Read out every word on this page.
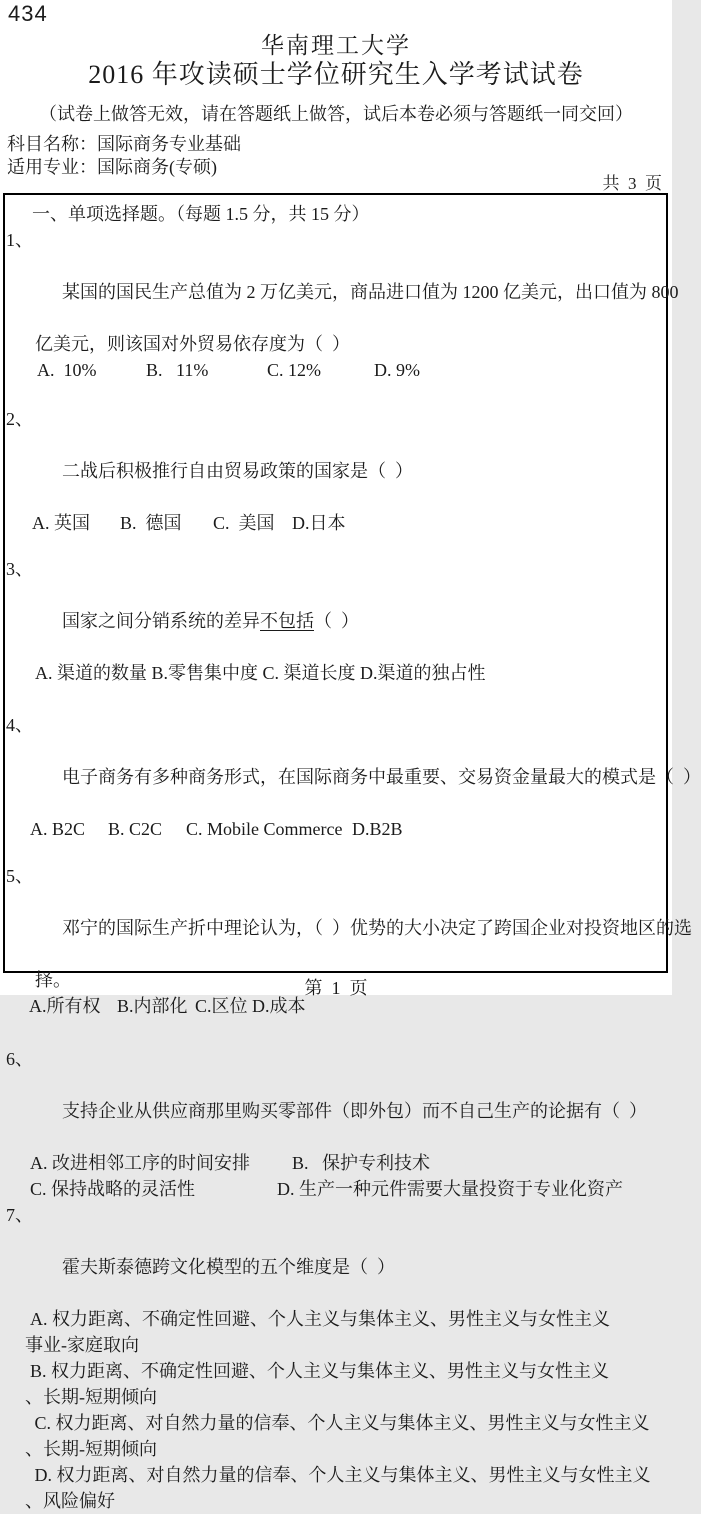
434
华南理工大学
2016 年攻读硕士学位研究生入学考试试卷
（试卷上做答无效，请在答题纸上做答，试后本卷必须与答题纸一同交回）
科目名称：国际商务专业基础
适用专业：国际商务(专硕)
共  3  页
一、单项选择题。（每题 1.5 分，共 15 分）

1、

某国的国民生产总值为 2 万亿美元，商品进口值为 1200 亿美元，出口值为 800

亿美元，则该国对外贸易依存度为（  ）
A.  10%	B.   11%	C. 12%	D. 9%

2、

二战后积极推行自由贸易政策的国家是（  ）

A. 英国 B.  德国 C.  美国 D.日本

3、

国家之间分销系统的差异不包括（  ）

A. 渠道的数量 B.零售集中度 C. 渠道长度 D.渠道的独占性

4、

电子商务有多种商务形式，在国际商务中最重要、交易资金量最大的模式是（  ）

A. B2C B. C2C C. Mobile Commerce D.B2B

5、

邓宁的国际生产折中理论认为，（  ）优势的大小决定了跨国企业对投资地区的选

择。
A.所有权 B.内部化 C.区位 D.成本

6、

支持企业从供应商那里购买零部件（即外包）而不自己生产的论据有（  ）

A. 改进相邻工序的时间安排 B.   保护专利技术
C. 保持战略的灵活性	D. 生产一种元件需要大量投资于专业化资产

7、

霍夫斯泰德跨文化模型的五个维度是（  ）

A. 权力距离、不确定性回避、个人主义与集体主义、男性主义与女性主义
事业-家庭取向
B. 权力距离、不确定性回避、个人主义与集体主义、男性主义与女性主义
、长期-短期倾向
C. 权力距离、对自然力量的信奉、个人主义与集体主义、男性主义与女性主义
、长期-短期倾向
D. 权力距离、对自然力量的信奉、个人主义与集体主义、男性主义与女性主义
、风险偏好
第  1  页
